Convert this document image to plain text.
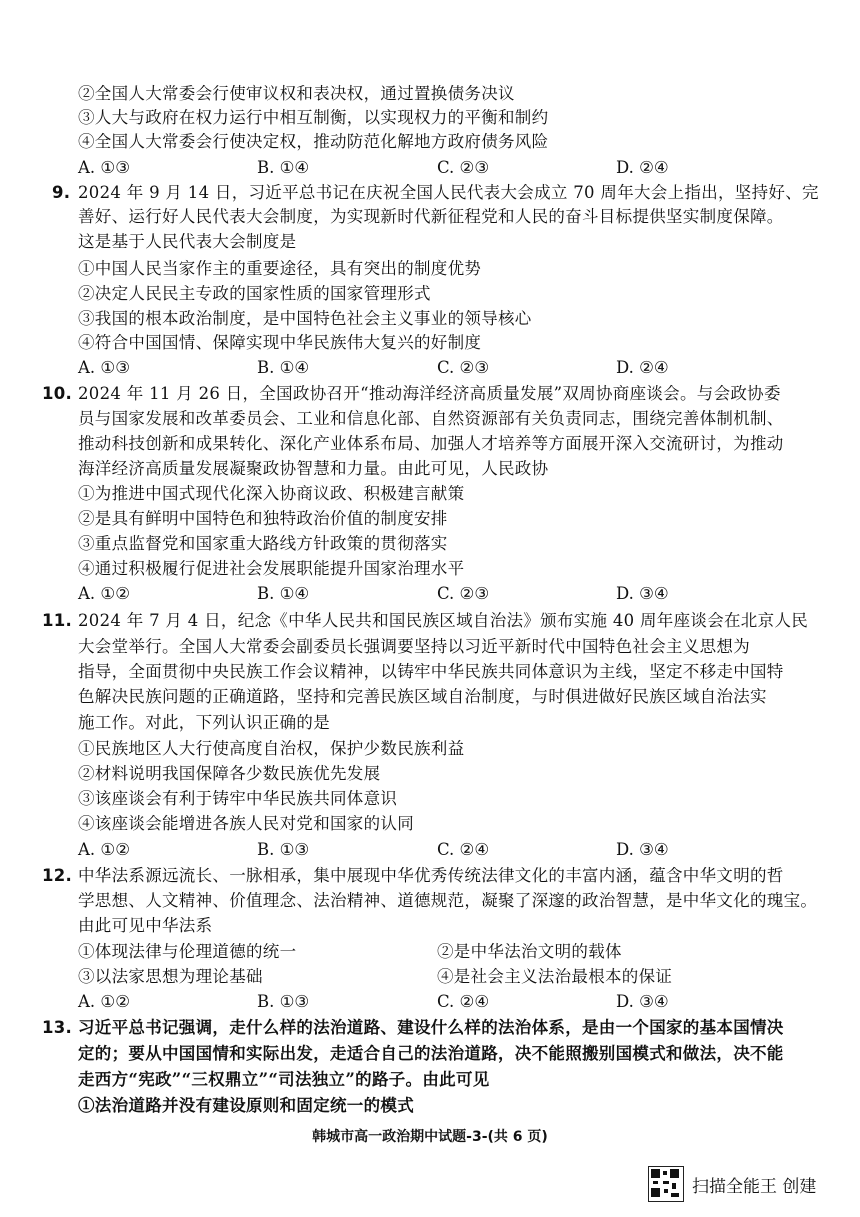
②全国人大常委会行使审议权和表决权，通过置换债务决议
③人大与政府在权力运行中相互制衡，以实现权力的平衡和制约
④全国人大常委会行使决定权，推动防范化解地方政府债务风险
A. ①③	B. ①④	C. ②③	D. ②④
9. 2024 年 9 月 14 日，习近平总书记在庆祝全国人民代表大会成立 70 周年大会上指出，坚持好、完
善好、运行好人民代表大会制度，为实现新时代新征程党和人民的奋斗目标提供坚实制度保障。
这是基于人民代表大会制度是
①中国人民当家作主的重要途径，具有突出的制度优势
②决定人民民主专政的国家性质的国家管理形式
③我国的根本政治制度，是中国特色社会主义事业的领导核心
④符合中国国情、保障实现中华民族伟大复兴的好制度
A. ①③	B. ①④	C. ②③	D. ②④
10. 2024 年 11 月 26 日，全国政协召开“推动海洋经济高质量发展”双周协商座谈会。与会政协委
员与国家发展和改革委员会、工业和信息化部、自然资源部有关负责同志，围绕完善体制机制、
推动科技创新和成果转化、深化产业体系布局、加强人才培养等方面展开深入交流研讨，为推动
海洋经济高质量发展凝聚政协智慧和力量。由此可见，人民政协
①为推进中国式现代化深入协商议政、积极建言献策
②是具有鲜明中国特色和独特政治价值的制度安排
③重点监督党和国家重大路线方针政策的贯彻落实
④通过积极履行促进社会发展职能提升国家治理水平
A. ①②	B. ①④	C. ②③	D. ③④
11. 2024 年 7 月 4 日，纪念《中华人民共和国民族区域自治法》颁布实施 40 周年座谈会在北京人民
大会堂举行。全国人大常委会副委员长强调要坚持以习近平新时代中国特色社会主义思想为
指导，全面贯彻中央民族工作会议精神，以铸牢中华民族共同体意识为主线，坚定不移走中国特
色解决民族问题的正确道路，坚持和完善民族区域自治制度，与时俱进做好民族区域自治法实
施工作。对此，下列认识正确的是
①民族地区人大行使高度自治权，保护少数民族利益
②材料说明我国保障各少数民族优先发展
③该座谈会有利于铸牢中华民族共同体意识
④该座谈会能增进各族人民对党和国家的认同
A. ①②	B. ①③	C. ②④	D. ③④
12. 中华法系源远流长、一脉相承，集中展现中华优秀传统法律文化的丰富内涵，蕴含中华文明的哲
学思想、人文精神、价值理念、法治精神、道德规范，凝聚了深邃的政治智慧，是中华文化的瑰宝。
由此可见中华法系
①体现法律与伦理道德的统一	②是中华法治文明的载体
③以法家思想为理论基础	④是社会主义法治最根本的保证
A. ①②	B. ①③	C. ②④	D. ③④
13. 习近平总书记强调，走什么样的法治道路、建设什么样的法治体系，是由一个国家的基本国情决
定的；要从中国国情和实际出发，走适合自己的法治道路，决不能照搬别国模式和做法，决不能
走西方“宪政”“三权鼎立”“司法独立”的路子。由此可见
①法治道路并没有建设原则和固定统一的模式
韩城市高一政治期中试题-3-(共 6 页)
扫描全能王 创建
